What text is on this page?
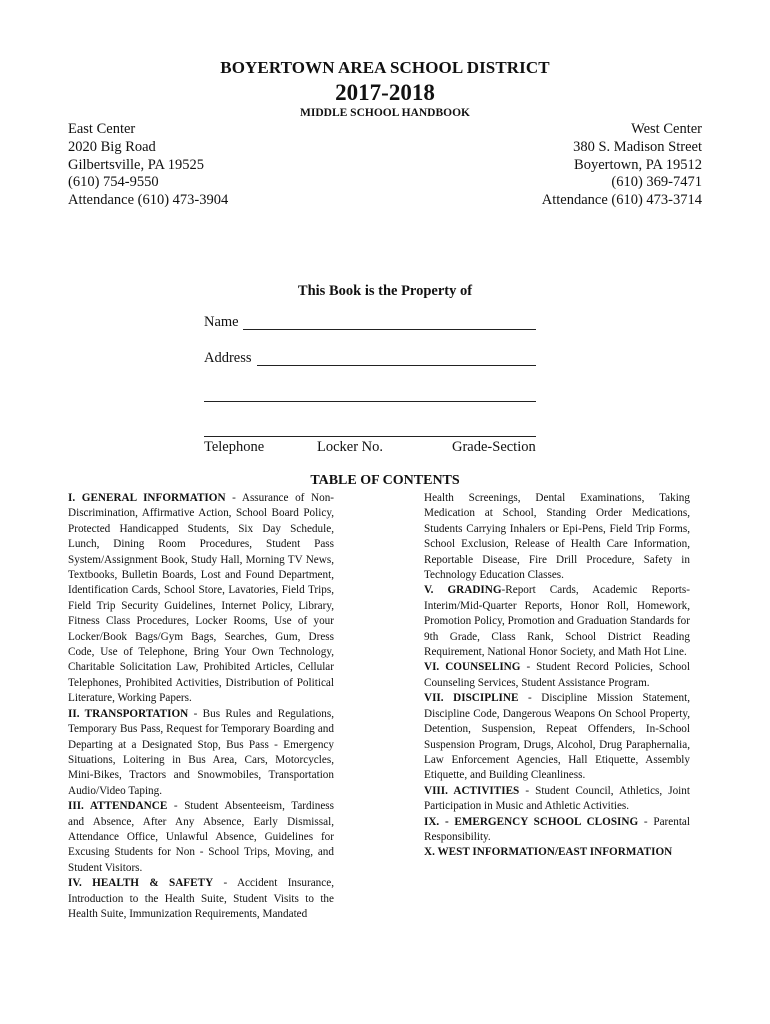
BOYERTOWN AREA SCHOOL DISTRICT
2017-2018
MIDDLE SCHOOL HANDBOOK
East Center
2020 Big Road
Gilbertsville, PA 19525
(610) 754-9550
Attendance (610) 473-3904
West Center
380 S. Madison Street
Boyertown, PA 19512
(610) 369-7471
Attendance (610) 473-3714
This Book is the Property of
Name
Address
Telephone	Locker No.	Grade-Section
TABLE OF CONTENTS

I. GENERAL INFORMATION - Assurance of Non-Discrimination, Affirmative Action, School Board Policy, Protected Handicapped Students, Six Day Schedule, Lunch, Dining Room Procedures, Student Pass System/Assignment Book, Study Hall, Morning TV News, Textbooks, Bulletin Boards, Lost and Found Department, Identification Cards, School Store, Lavatories, Field Trips, Field Trip Security Guidelines, Internet Policy, Library, Fitness Class Procedures, Locker Rooms, Use of your Locker/Book Bags/Gym Bags, Searches, Gum, Dress Code, Use of Telephone, Bring Your Own Technology, Charitable Solicitation Law, Prohibited Articles, Cellular Telephones, Prohibited Activities, Distribution of Political Literature, Working Papers.

II. TRANSPORTATION - Bus Rules and Regulations, Temporary Bus Pass, Request for Temporary Boarding and Departing at a Designated Stop, Bus Pass - Emergency Situations, Loitering in Bus Area, Cars, Motorcycles, Mini-Bikes, Tractors and Snowmobiles, Transportation Audio/Video Taping.

III. ATTENDANCE - Student Absenteeism, Tardiness and Absence, After Any Absence, Early Dismissal, Attendance Office, Unlawful Absence, Guidelines for Excusing Students for Non - School Trips, Moving, and Student Visitors.

IV. HEALTH & SAFETY - Accident Insurance, Introduction to the Health Suite, Student Visits to the Health Suite, Immunization Requirements, Mandated

Health Screenings, Dental Examinations, Taking Medication at School, Standing Order Medications, Students Carrying Inhalers or Epi-Pens, Field Trip Forms, School Exclusion, Release of Health Care Information, Reportable Disease, Fire Drill Procedure, Safety in Technology Education Classes.

V. GRADING-Report Cards, Academic Reports-Interim/Mid-Quarter Reports, Honor Roll, Homework, Promotion Policy, Promotion and Graduation Standards for 9th Grade, Class Rank, School District Reading Requirement, National Honor Society, and Math Hot Line.

VI. COUNSELING - Student Record Policies, School Counseling Services, Student Assistance Program.

VII. DISCIPLINE - Discipline Mission Statement, Discipline Code, Dangerous Weapons On School Property, Detention, Suspension, Repeat Offenders, In-School Suspension Program, Drugs, Alcohol, Drug Paraphernalia, Law Enforcement Agencies, Hall Etiquette, Assembly Etiquette, and Building Cleanliness.

VIII. ACTIVITIES - Student Council, Athletics, Joint Participation in Music and Athletic Activities.

IX. - EMERGENCY SCHOOL CLOSING - Parental Responsibility.

X. WEST INFORMATION/EAST INFORMATION
